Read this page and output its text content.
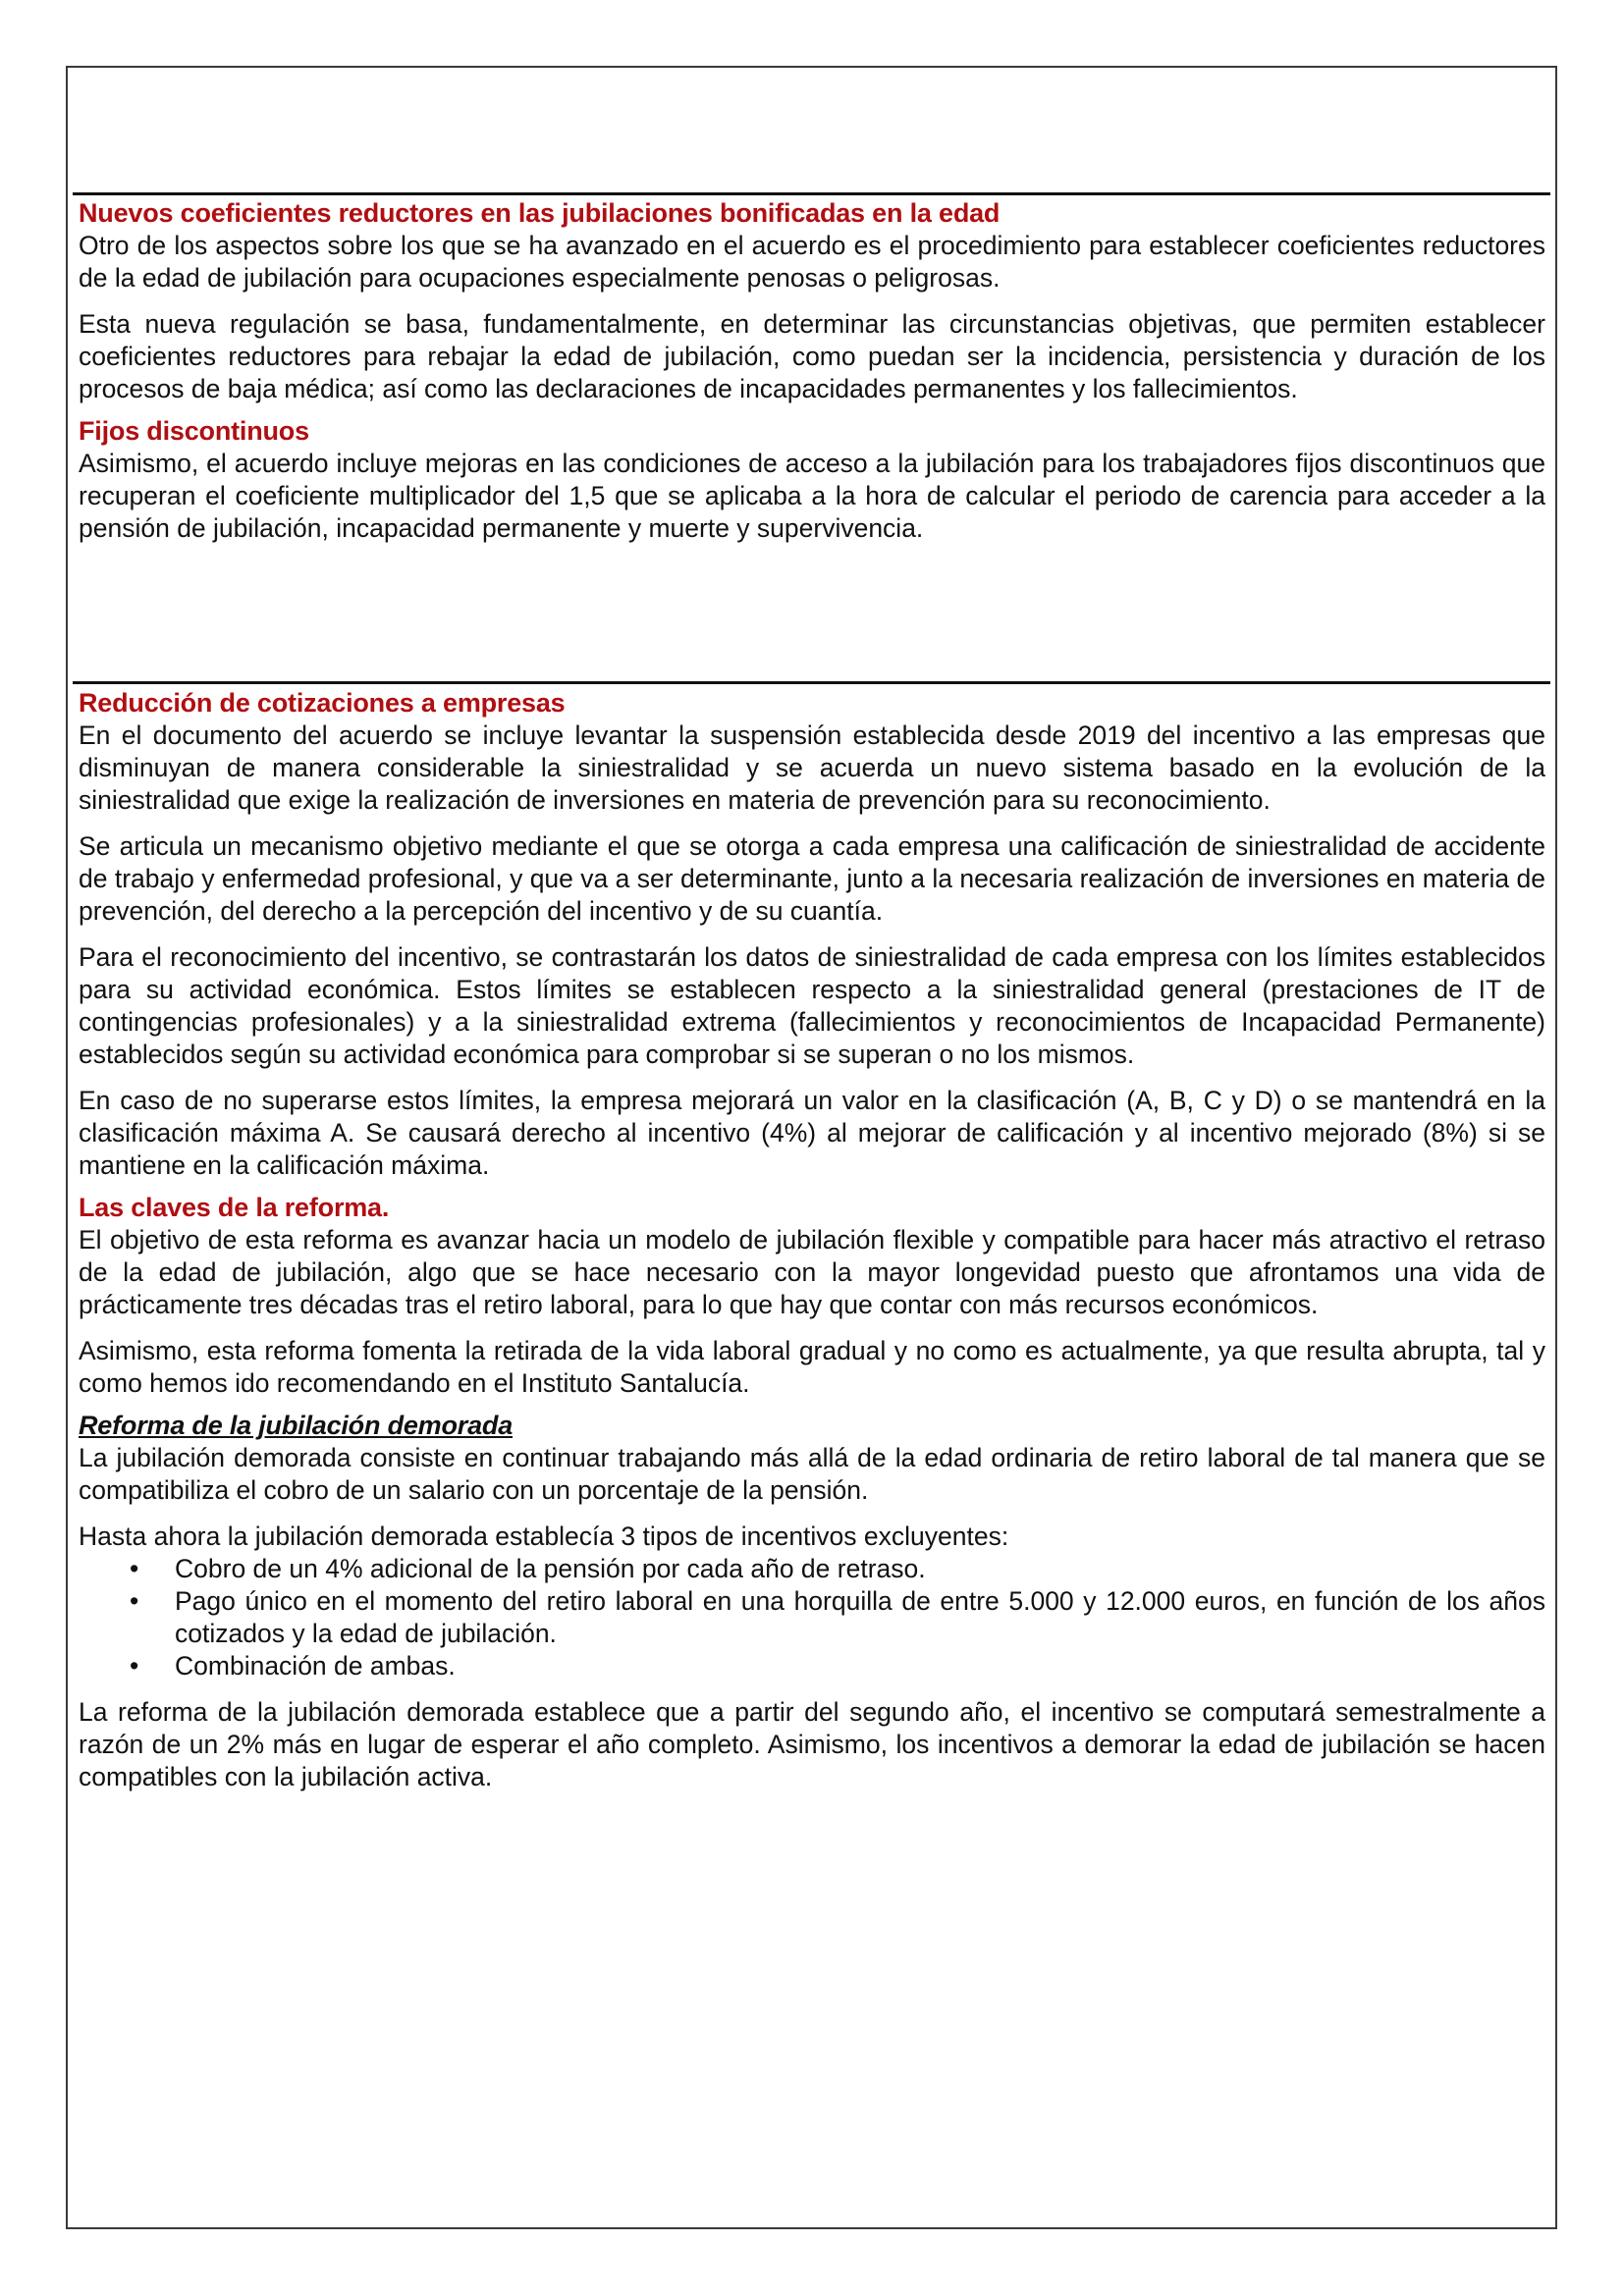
Nuevos coeficientes reductores en las jubilaciones bonificadas en la edad

Otro de los aspectos sobre los que se ha avanzado en el acuerdo es el procedimiento para establecer coeficientes reductores de la edad de jubilación para ocupaciones especialmente penosas o peligrosas.

Esta nueva regulación se basa, fundamentalmente, en determinar las circunstancias objetivas, que permiten establecer coeficientes reductores para rebajar la edad de jubilación, como puedan ser la incidencia, persistencia y duración de los procesos de baja médica; así como las declaraciones de incapacidades permanentes y los fallecimientos.

Fijos discontinuos

Asimismo, el acuerdo incluye mejoras en las condiciones de acceso a la jubilación para los trabajadores fijos discontinuos que recuperan el coeficiente multiplicador del 1,5 que se aplicaba a la hora de calcular el periodo de carencia para acceder a la pensión de jubilación, incapacidad permanente y muerte y supervivencia.

Reducción de cotizaciones a empresas

En el documento del acuerdo se incluye levantar la suspensión establecida desde 2019 del incentivo a las empresas que disminuyan de manera considerable la siniestralidad y se acuerda un nuevo sistema basado en la evolución de la siniestralidad que exige la realización de inversiones en materia de prevención para su reconocimiento.

Se articula un mecanismo objetivo mediante el que se otorga a cada empresa una calificación de siniestralidad de accidente de trabajo y enfermedad profesional, y que va a ser determinante, junto a la necesaria realización de inversiones en materia de prevención, del derecho a la percepción del incentivo y de su cuantía.

Para el reconocimiento del incentivo, se contrastarán los datos de siniestralidad de cada empresa con los límites establecidos para su actividad económica. Estos límites se establecen respecto a la siniestralidad general (prestaciones de IT de contingencias profesionales) y a la siniestralidad extrema (fallecimientos y reconocimientos de Incapacidad Permanente) establecidos según su actividad económica para comprobar si se superan o no los mismos.

En caso de no superarse estos límites, la empresa mejorará un valor en la clasificación (A, B, C y D) o se mantendrá en la clasificación máxima A. Se causará derecho al incentivo (4%) al mejorar de calificación y al incentivo mejorado (8%) si se mantiene en la calificación máxima.

Las claves de la reforma.

El objetivo de esta reforma es avanzar hacia un modelo de jubilación flexible y compatible para hacer más atractivo el retraso de la edad de jubilación, algo que se hace necesario con la mayor longevidad puesto que afrontamos una vida de prácticamente tres décadas tras el retiro laboral, para lo que hay que contar con más recursos económicos.

Asimismo, esta reforma fomenta la retirada de la vida laboral gradual y no como es actualmente, ya que resulta abrupta, tal y como hemos ido recomendando en el Instituto Santalucía.

Reforma de la jubilación demorada

La jubilación demorada consiste en continuar trabajando más allá de la edad ordinaria de retiro laboral de tal manera que se compatibiliza el cobro de un salario con un porcentaje de la pensión.

Hasta ahora la jubilación demorada establecía 3 tipos de incentivos excluyentes:

• Cobro de un 4% adicional de la pensión por cada año de retraso.
• Pago único en el momento del retiro laboral en una horquilla de entre 5.000 y 12.000 euros, en función de los años cotizados y la edad de jubilación.
• Combinación de ambas.

La reforma de la jubilación demorada establece que a partir del segundo año, el incentivo se computará semestralmente a razón de un 2% más en lugar de esperar el año completo. Asimismo, los incentivos a demorar la edad de jubilación se hacen compatibles con la jubilación activa.
